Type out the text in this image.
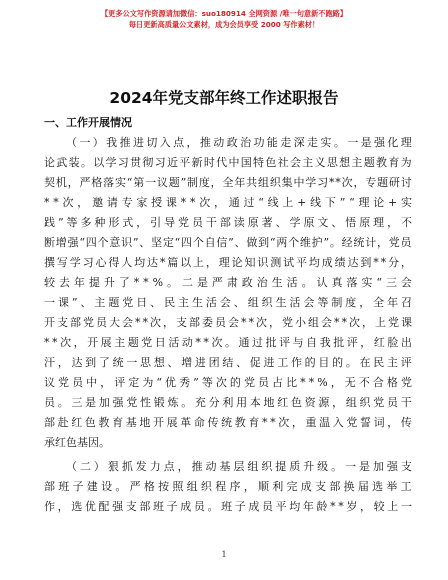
【更多公文写作资源请加微信：suo180914 全网资源 /唯一句意新不跑路】
每日更新高质量公文素材，成为会员享受 2000 写作素材！
2024年党支部年终工作述职报告
一、工作开展情况
（ 一 ） 我 推 进 切 入 点 ， 推 动 政 治 功 能 走 深 走 实 。 一 是 强 化 理
论 武 装 。 以 学 习 贯 彻 习 近 平 新 时 代 中 国 特 色 社 会 主 义 思 想 主 题 教 育 为
契 机 ， 严 格 落 实 “ 第 一 议 题 ” 制 度 ， 全 年 共 组 织 集 中 学 习 * * 次 ， 专 题 研 讨
* * 次 ， 邀 请 专 家 授 课 * * 次 ， 通 过 “ 线 上 + 线 下 ” “ 理 论 + 实
践 ” 等 多 种 形 式 ， 引 导 党 员 干 部 读 原 著 、 学 原 文 、 悟 原 理 ， 不
断 增 强 “ 四 个 意 识 ” 、 坚 定 “ 四 个 自 信 ” 、 做 到 “ 两 个 维 护 ” 。 经 统 计 ， 党 员
撰 写 学 习 心 得 人 均 达 * 篇 以 上 ， 理 论 知 识 测 试 平 均 成 绩 达 到 * * 分 ，
较 去 年 提 升 了 * * % 。 二 是 严 肃 政 治 生 活 。 认 真 落 实 “ 三 会
一 课 ” 、 主 题 党 日 、 民 主 生 活 会 、 组 织 生 活 会 等 制 度 ， 全 年 召
开 支 部 党 员 大 会 * * 次 ， 支 部 委 员 会 * * 次 ， 党 小 组 会 * * 次 ， 上 党 课
* * 次 ， 开 展 主 题 党 日 活 动 * * 次 。 通 过 批 评 与 自 我 批 评 ， 红 脸 出
汗 ， 达 到 了 统 一 思 想 、 增 进 团 结 、 促 进 工 作 的 目 的 。 在 民 主 评
议 党 员 中 ， 评 定 为 “ 优 秀 ” 等 次 的 党 员 占 比 * * % ， 无 不 合 格 党
员 。 三 是 加 强 党 性 锻 炼 。 充 分 利 用 本 地 红 色 资 源 ， 组 织 党 员 干
部 赴 红 色 教 育 基 地 开 展 革 命 传 统 教 育 * * 次 ， 重 温 入 党 誓 词 ， 传
承红色基因。
（ 二 ） 狠 抓 发 力 点 ， 推 动 基 层 组 织 提 质 升 级 。 一 是 加 强 支
部 班 子 建 设 。 严 格 按 照 组 织 程 序 ， 顺 利 完 成 支 部 换 届 选 举 工
作 ， 选 优 配 强 支 部 班 子 成 员 。 班 子 成 员 平 均 年 龄 * * 岁 ， 较 上 一
1
